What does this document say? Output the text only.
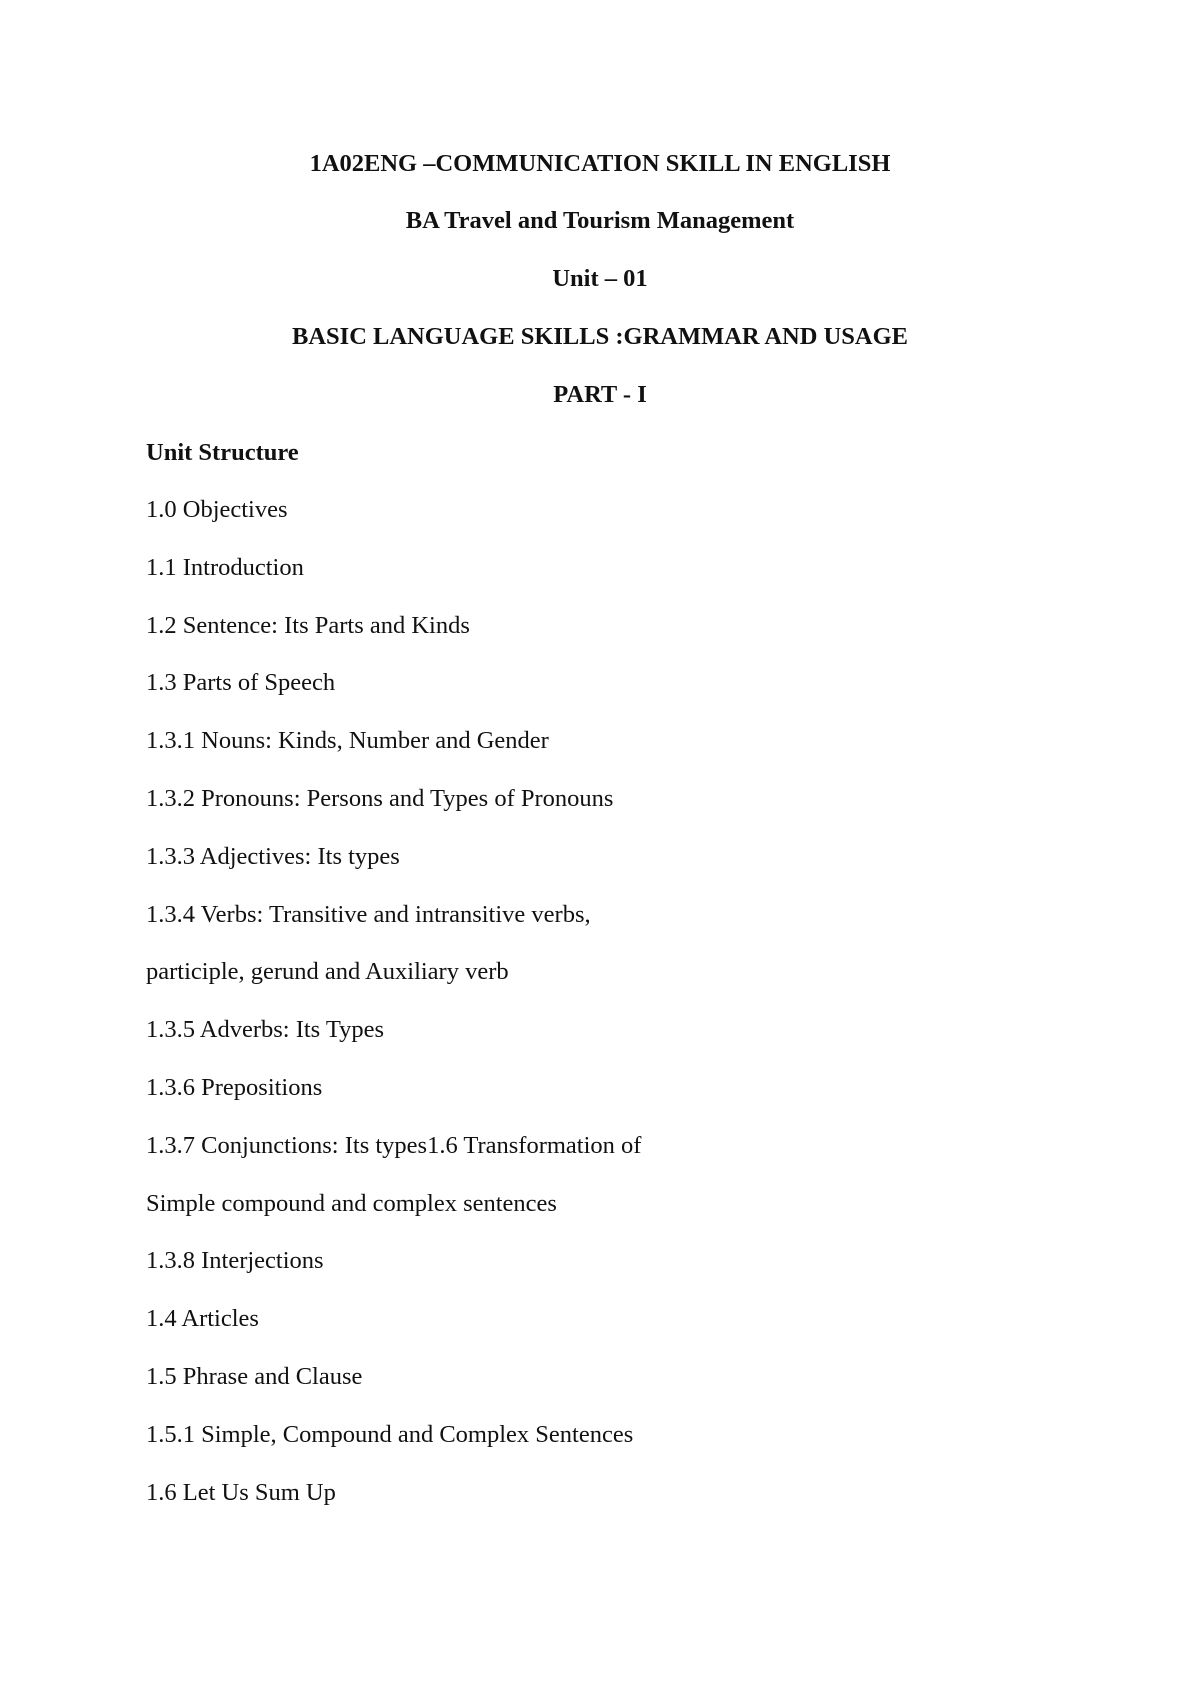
1A02ENG –COMMUNICATION SKILL IN ENGLISH
BA Travel and Tourism Management
Unit – 01
BASIC LANGUAGE SKILLS :GRAMMAR AND USAGE
PART - I
Unit Structure
1.0 Objectives
1.1 Introduction
1.2 Sentence: Its Parts and Kinds
1.3 Parts of Speech
1.3.1 Nouns: Kinds, Number and Gender
1.3.2 Pronouns: Persons and Types of Pronouns
1.3.3 Adjectives: Its types
1.3.4 Verbs: Transitive and intransitive verbs,
participle, gerund and Auxiliary verb
1.3.5 Adverbs: Its Types
1.3.6 Prepositions
1.3.7 Conjunctions: Its types1.6 Transformation of
Simple compound and complex sentences
1.3.8 Interjections
1.4 Articles
1.5 Phrase and Clause
1.5.1 Simple, Compound and Complex Sentences
1.6 Let Us Sum Up
